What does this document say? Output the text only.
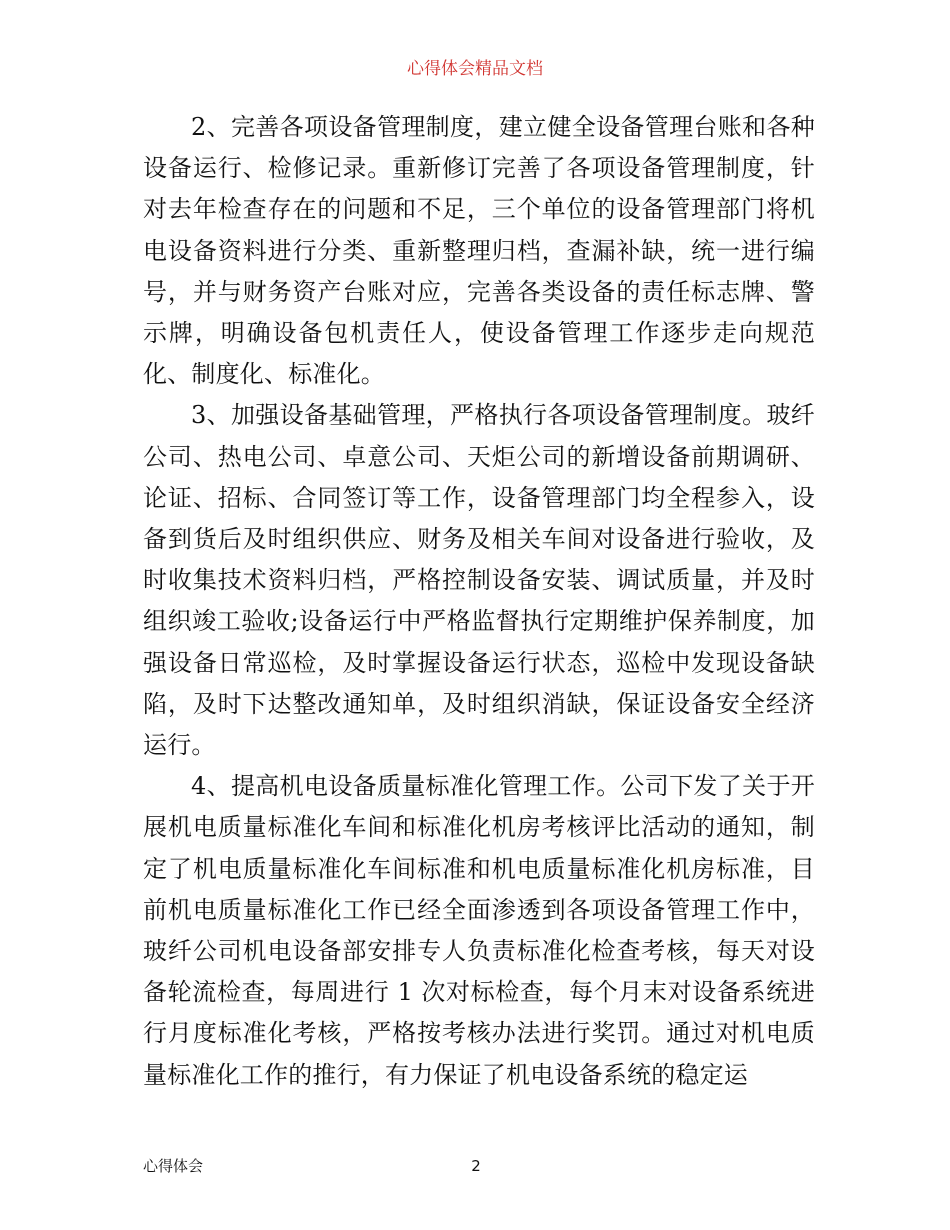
心得体会精品文档

2、完善各项设备管理制度，建立健全设备管理台账和各种设备运行、检修记录。重新修订完善了各项设备管理制度，针对去年检查存在的问题和不足，三个单位的设备管理部门将机电设备资料进行分类、重新整理归档，查漏补缺，统一进行编号，并与财务资产台账对应，完善各类设备的责任标志牌、警示牌，明确设备包机责任人，使设备管理工作逐步走向规范化、制度化、标准化。

3、加强设备基础管理，严格执行各项设备管理制度。玻纤公司、热电公司、卓意公司、天炬公司的新增设备前期调研、论证、招标、合同签订等工作，设备管理部门均全程参入，设备到货后及时组织供应、财务及相关车间对设备进行验收，及时收集技术资料归档，严格控制设备安装、调试质量，并及时组织竣工验收;设备运行中严格监督执行定期维护保养制度，加强设备日常巡检，及时掌握设备运行状态，巡检中发现设备缺陷，及时下达整改通知单，及时组织消缺，保证设备安全经济运行。

4、提高机电设备质量标准化管理工作。公司下发了关于开展机电质量标准化车间和标准化机房考核评比活动的通知，制定了机电质量标准化车间标准和机电质量标准化机房标准，目前机电质量标准化工作已经全面渗透到各项设备管理工作中，玻纤公司机电设备部安排专人负责标准化检查考核，每天对设备轮流检查，每周进行 1 次对标检查，每个月末对设备系统进行月度标准化考核，严格按考核办法进行奖罚。通过对机电质量标准化工作的推行，有力保证了机电设备系统的稳定运

心得体会	2
